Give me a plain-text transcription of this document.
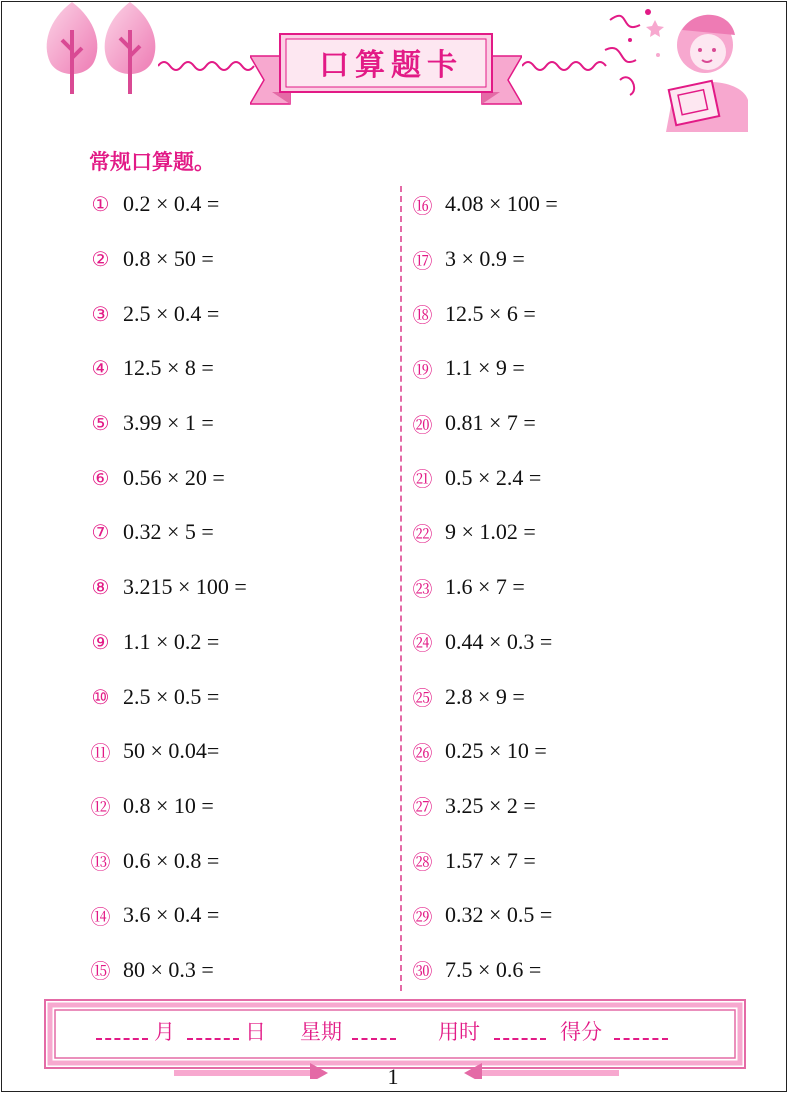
口算题卡
常规口算题。
① 0.2 × 0.4 =
② 0.8 × 50 =
③ 2.5 × 0.4 =
④ 12.5 × 8 =
⑤ 3.99 × 1 =
⑥ 0.56 × 20 =
⑦ 0.32 × 5 =
⑧ 3.215 × 100 =
⑨ 1.1 × 0.2 =
⑩ 2.5 × 0.5 =
⑪ 50 × 0.04=
⑫ 0.8 × 10 =
⑬ 0.6 × 0.8 =
⑭ 3.6 × 0.4 =
⑮ 80 × 0.3 =
⑯ 4.08 × 100 =
⑰ 3 × 0.9 =
⑱ 12.5 × 6 =
⑲ 1.1 × 9 =
⑳ 0.81 × 7 =
㉑ 0.5 × 2.4 =
㉒ 9 × 1.02 =
㉓ 1.6 × 7 =
㉔ 0.44 × 0.3 =
㉕ 2.8 × 9 =
㉖ 0.25 × 10 =
㉗ 3.25 × 2 =
㉘ 1.57 × 7 =
㉙ 0.32 × 0.5 =
㉚ 7.5 × 0.6 =
月	日 星期	用时	得分
1
